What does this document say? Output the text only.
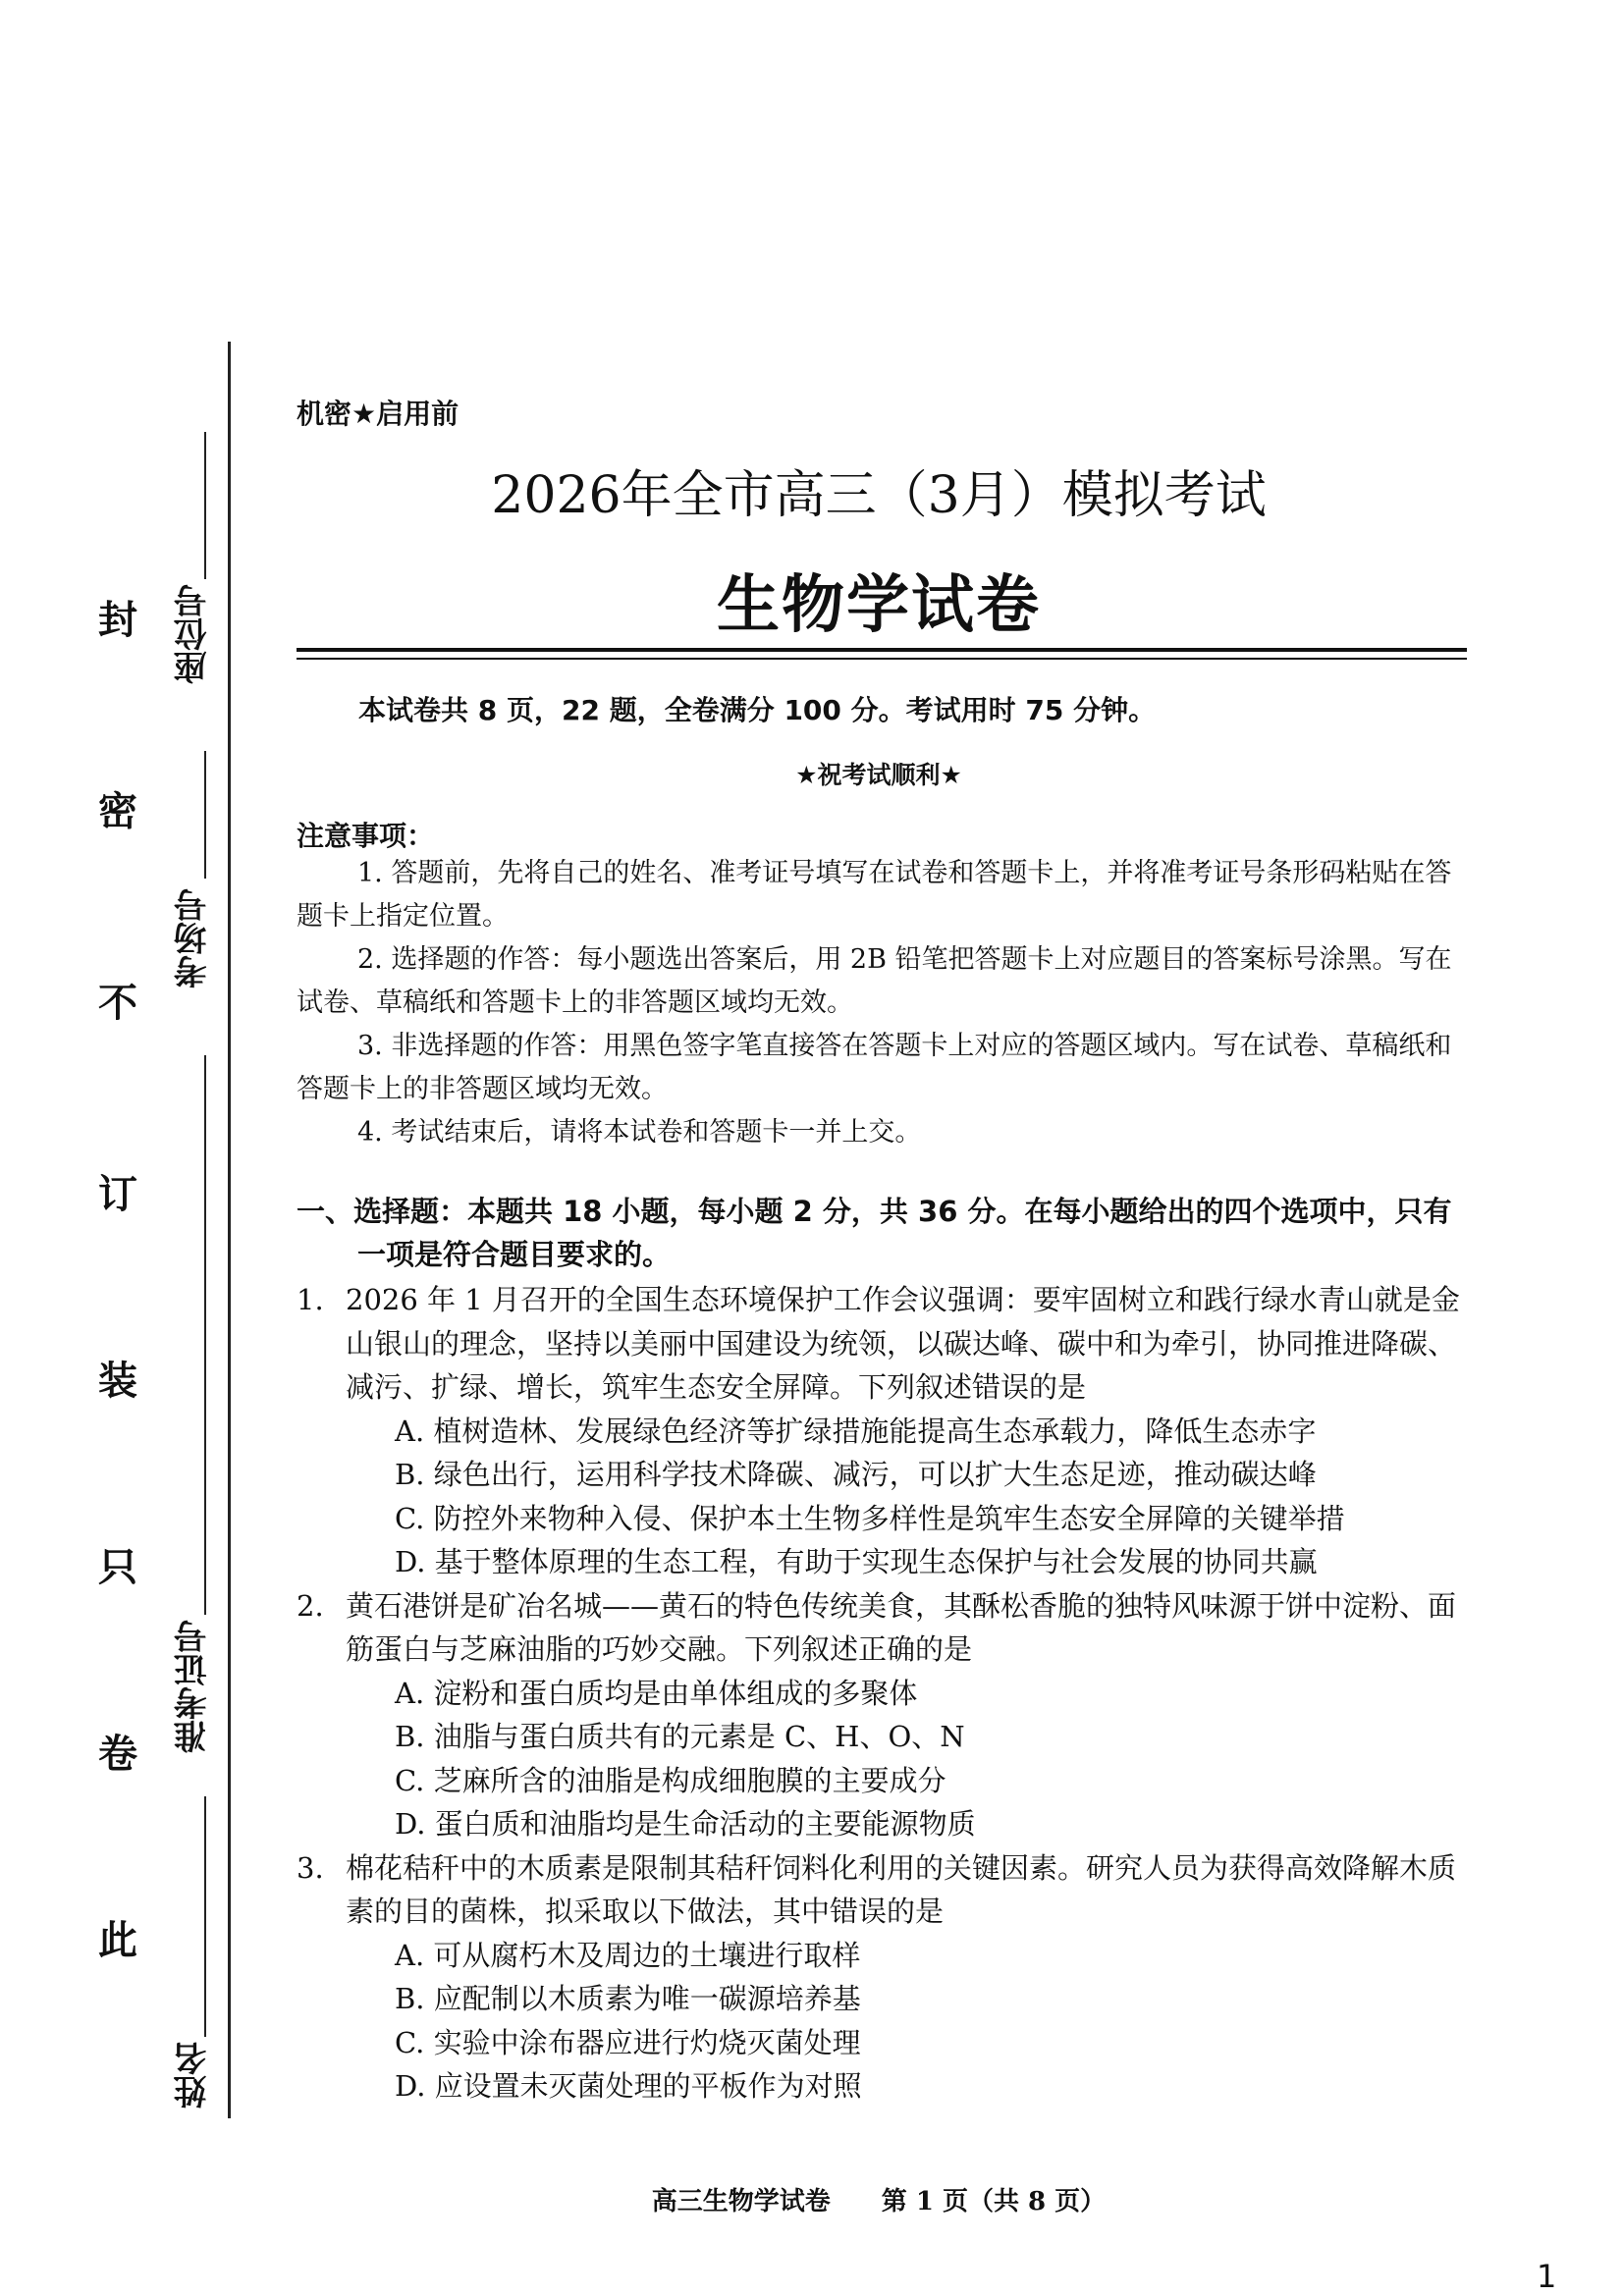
封
密
不
订
装
只
卷
此
座位号
考场号
准考证号
姓名
机密★启用前
2026年全市高三（3月）模拟考试
生物学试卷
本试卷共 8 页，22 题，全卷满分 100 分。考试用时 75 分钟。
★祝考试顺利★
注意事项：

1. 答题前，先将自己的姓名、准考证号填写在试卷和答题卡上，并将准考证号条形码粘贴在答题卡上指定位置。

2. 选择题的作答：每小题选出答案后，用 2B 铅笔把答题卡上对应题目的答案标号涂黑。写在试卷、草稿纸和答题卡上的非答题区域均无效。

3. 非选择题的作答：用黑色签字笔直接答在答题卡上对应的答题区域内。写在试卷、草稿纸和答题卡上的非答题区域均无效。

4. 考试结束后，请将本试卷和答题卡一并上交。

一、选择题：本题共 18 小题，每小题 2 分，共 36 分。在每小题给出的四个选项中，只有
一项是符合题目要求的。
1. 2026 年 1 月召开的全国生态环境保护工作会议强调：要牢固树立和践行绿水青山就是金山银山的理念，坚持以美丽中国建设为统领，以碳达峰、碳中和为牵引，协同推进降碳、减污、扩绿、增长，筑牢生态安全屏障。下列叙述错误的是
A. 植树造林、发展绿色经济等扩绿措施能提高生态承载力，降低生态赤字
B. 绿色出行，运用科学技术降碳、减污，可以扩大生态足迹，推动碳达峰
C. 防控外来物种入侵、保护本土生物多样性是筑牢生态安全屏障的关键举措
D. 基于整体原理的生态工程，有助于实现生态保护与社会发展的协同共赢
2. 黄石港饼是矿冶名城——黄石的特色传统美食，其酥松香脆的独特风味源于饼中淀粉、面筋蛋白与芝麻油脂的巧妙交融。下列叙述正确的是
A. 淀粉和蛋白质均是由单体组成的多聚体
B. 油脂与蛋白质共有的元素是 C、H、O、N
C. 芝麻所含的油脂是构成细胞膜的主要成分
D. 蛋白质和油脂均是生命活动的主要能源物质
3. 棉花秸秆中的木质素是限制其秸秆饲料化利用的关键因素。研究人员为获得高效降解木质素的目的菌株，拟采取以下做法，其中错误的是
A. 可从腐朽木及周边的土壤进行取样
B. 应配制以木质素为唯一碳源培养基
C. 实验中涂布器应进行灼烧灭菌处理
D. 应设置未灭菌处理的平板作为对照
高三生物学试卷　　第 1 页（共 8 页）
1
